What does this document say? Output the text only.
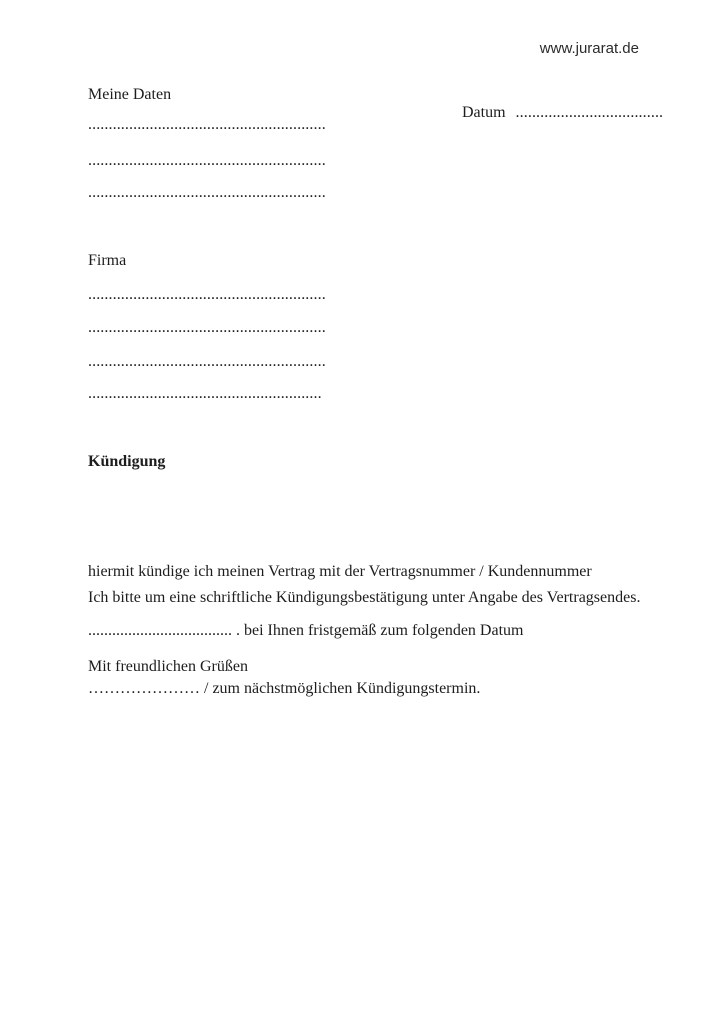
www.jurarat.de
Meine Daten

Datum ....................................

..........................................................
..........................................................
..........................................................
Firma
..........................................................
..........................................................
..........................................................
.........................................................
Kündigung

hiermit kündige ich meinen Vertrag mit der Vertragsnummer / Kundennummer

.................................... . bei Ihnen fristgemäß zum folgenden Datum

………………… / zum nächstmöglichen Kündigungstermin.

Ich bitte um eine schriftliche Kündigungsbestätigung unter Angabe des Vertragsendes.
Mit freundlichen Grüßen
